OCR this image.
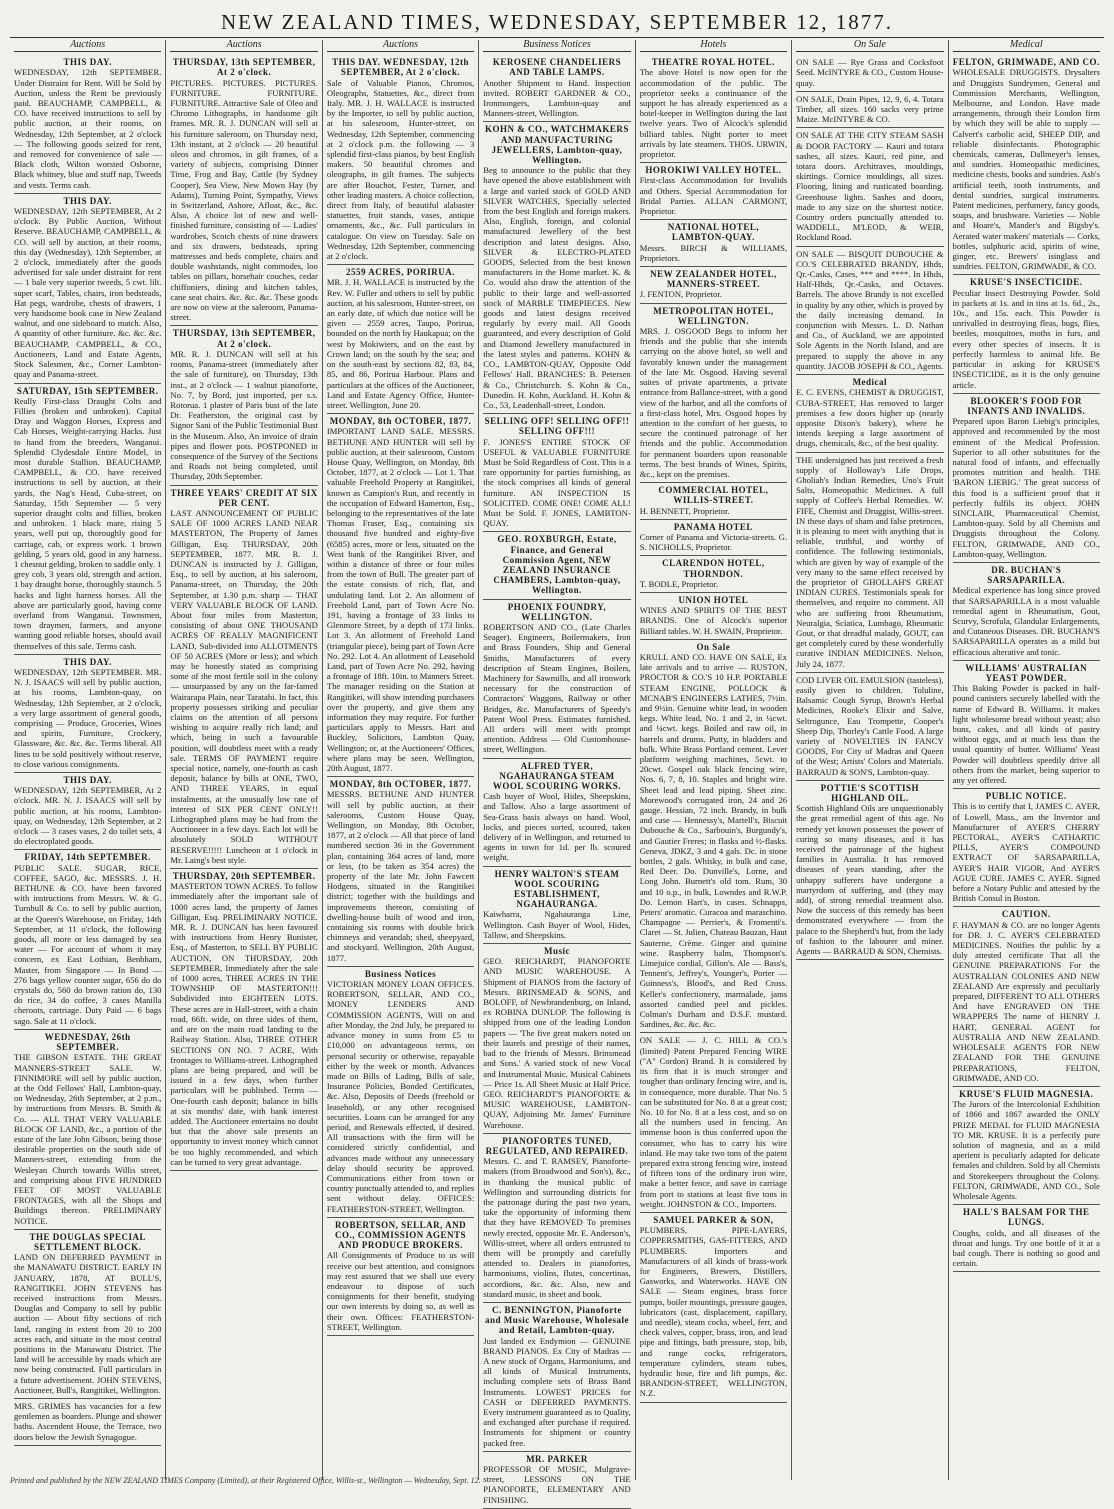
NEW ZEALAND TIMES, WEDNESDAY, SEPTEMBER 12, 1877.
Auctions
THIS DAY.

WEDNESDAY, 12th SEPTEMBER. Under Distraint for Rent. Will be Sold by Auction, unless the Rent be previously paid. BEAUCHAMP, CAMPBELL, & CO. have received instructions to sell by public auction, at their rooms, on Wednesday, 12th September, at 2 o'clock — The following goods seized for rent, and removed for convenience of sale — Black cloth, Wilton worsted Osborne, Black whitney, blue and stuff nap, Tweeds and vests. Terms cash.

THIS DAY.

WEDNESDAY, 12th SEPTEMBER, At 2 o'clock. By Public Auction, Without Reserve. BEAUCHAMP, CAMPBELL, & CO. will sell by auction, at their rooms, this day (Wednesday), 12th September, at 2 o'clock, immediately after the goods advertised for sale under distraint for rent — 1 bale very superior tweeds, 5 cwt. lilt. super scarf, Tables, chairs, iron bedsteads, Hat pegs, wardrobe, chests of drawers, 1 very handsome book case in New Zealand walnut, and one sideboard to match. Also, A quantity of other furniture. &c. &c. &c. BEAUCHAMP, CAMPBELL, & CO., Auctioneers, Land and Estate Agents, Stock Salesmen, &c., Corner Lambton-quay and Panama-street.

SATURDAY, 15th SEPTEMBER.

Really First-class Draught Colts and Fillies (broken and unbroken). Capital Dray and Waggon Horses, Express and Cab Horses, Weight-carrying Hacks. Just to hand from the breeders, Wanganui. Splendid Clydesdale Entire Model, in most durable Stallion. BEAUCHAMP, CAMPBELL, & CO. have received instructions to sell by auction, at their yards, the Nag's Head, Cuba-street, on Saturday, 15th September — 5 very superior draught colts and fillies, broken and unbroken. 1 black mare, rising 5 years, well put up, thoroughly good for carriage, cab, or express work. 1 brown gelding, 5 years old, good in any harness. 1 chesnut gelding, broken to saddle only. 1 grey cob, 3 years old, strength and action. 1 bay draught horse, thoroughly staunch. 5 hacks and light harness horses. All the above are particularly good, having come overland from Wanganui. Townsmen, town draymen, farmers, and anyone wanting good reliable horses, should avail themselves of this sale. Terms cash.

THIS DAY.

WEDNESDAY, 12th SEPTEMBER. MR. N. J. ISAACS will sell by public auction, at his rooms, Lambton-quay, on Wednesday, 12th September, at 2 o'clock, a very large assortment of general goods, comprising — Produce, Groceries, Wines and spirits, Furniture, Crockery, Glassware, &c. &c. &c. Terms liberal. All lines to be sold positively without reserve, to close various consignments.

THIS DAY.

WEDNESDAY, 12th SEPTEMBER, At 2 o'clock. MR. N. J. ISAACS will sell by public auction, at his rooms, Lambton-quay, on Wednesday, 12th September, at 2 o'clock — 3 cases vases, 2 do toilet sets, 4 do electroplated goods.

FRIDAY, 14th SEPTEMBER.

PUBLIC SALE. SUGAR, RICE, COFFEE, SAGO, &c. MESSRS. J. H. BETHUNE & CO. have been favored with instructions from Messrs. W. & G. Turnbull & Co. to sell by public auction, at the Queen's Warehouse, on Friday, 14th September, at 11 o'clock, the following goods, all more or less damaged by sea water — For account of whom it may concern, ex East Lothian, Benbham, Master, from Singapore — In Bond — 276 bags yellow counter sugar, 656 do do crystals do, 560 do brown ration do, 130 do rice, 34 do coffee, 3 cases Manilla cheroots, cartriage. Duty Paid — 6 bags sago. Sale at 11 o'clock.

WEDNESDAY, 26th SEPTEMBER.

THE GIBSON ESTATE. THE GREAT MANNERS-STREET SALE. W. FINNIMORE will sell by public auction, at the Odd Fellows' Hall, Lambton-quay, on Wednesday, 26th September, at 2 p.m., by instructions from Messrs. B. Smith & Co. — ALL THAT VERY VALUABLE BLOCK OF LAND, &c., a portion of the estate of the late John Gibson, being those desirable properties on the south side of Manners-street, extending from the Wesleyan Church towards Willis street, and comprising about FIVE HUNDRED FEET OF MOST VALUABLE FRONTAGES, with all the Shops and Buildings thereon. PRELIMINARY NOTICE.

THE DOUGLAS SPECIAL SETTLEMENT BLOCK.

LAND ON DEFERRED PAYMENT in the MANAWATU DISTRICT. EARLY IN JANUARY, 1878, AT BULL'S, RANGITIKEI. JOHN STEVENS has received instructions from Messrs. Douglas and Company to sell by public auction — About fifty sections of rich land, ranging in extent from 20 to 200 acres each, and situate in the most central positions in the Manawatu District. The land will be accessible by roads which are now being constructed. Full particulars in a future advertisement. JOHN STEVENS, Auctioneer, Bull's, Rangitikei, Wellington.

MRS. GRIMES has vacancies for a few gentlemen as boarders. Plunge and shower baths. Ascendent House, the Terrace, two doors below the Jewish Synagogue.

Auctions
THURSDAY, 13th SEPTEMBER, At 2 o'clock.

PICTURES. PICTURES. PICTURES. FURNITURE. FURNITURE. FURNITURE. Attractive Sale of Oleo and Chromo Lithographs, in handsome gilt frames. MR. R. J. DUNCAN will sell at his furniture saleroom, on Thursday next, 13th instant, at 2 o'clock — 20 beautiful oleos and chromos, in gilt frames, of a variety of subjects, comprising Dinner Time, Frog and Bay, Cattle (by Sydney Cooper), Sea View, New Mown Hay (by Adams), Turning Point, Sympathy, Views in Switzerland, Ashore, Afloat, &c., &c. Also, A choice lot of new and well-finished furniture, consisting of — Ladies' wardrobes, Scotch chests of nine drawers and six drawers, bedsteads, spring mattresses and beds complete, chairs and double washstands, night commodes, loo tables on pillars, horsehair couches, cedar chiffoniers, dining and kitchen tables, cane seat chairs. &c. &c. &c. These goods are now on view at the saleroom, Panama-street.

THURSDAY, 13th SEPTEMBER, At 2 o'clock.

MR. R. J. DUNCAN will sell at his rooms, Panama-street (immediately after the sale of furniture), on Thursday, 13th inst., at 2 o'clock — 1 walnut pianoforte, No. 7, by Bord, just imported, per s.s. Rotorua. 1 plaster of Paris bust of the late Dr. Featherston, the original cast by Signor Sani of the Public Testimonial Bust in the Museum. Also, An invoice of drain pipes and flower pots. POSTPONED in consequence of the Survey of the Sections and Roads not being completed, until Thursday, 20th September.

THREE YEARS' CREDIT AT SIX PER CENT.

LAST ANNOUNCEMENT OF PUBLIC SALE OF 1000 ACRES LAND NEAR MASTERTON, The Property of James Gilligan, Esq. THURSDAY, 20th SEPTEMBER, 1877. MR. R. J. DUNCAN is instructed by J. Gilligan, Esq., to sell by auction, at his saleroom, Panama-street, on Thursday, the 20th September, at 1.30 p.m. sharp — THAT VERY VALUABLE BLOCK OF LAND. About four miles from Masterton, consisting of about ONE THOUSAND ACRES OF REALLY MAGNIFICENT LAND, Sub-divided into ALLOTMENTS OF 50 ACRES (More or less); and which may be honestly stated as comprising some of the most fertile soil in the colony — unsurpassed by any on the far-famed Wairarapa Plain, near Taratahi. In fact, this property possesses striking and peculiar claims on the attention of all persons wishing to acquire really rich land; and which, being in such a favourable position, will doubtless meet with a ready sale. TERMS OF PAYMENT require special notice, namely, one-fourth as cash deposit, balance by bills at ONE, TWO, AND THREE YEARS, in equal instalments, at the unusually low rate of interest of SIX PER CENT ONLY!! Lithographed plans may be had from the Auctioneer in a few days. Each lot will be absolutely SOLD WITHOUT RESERVE!!!!! Luncheon at 1 o'clock in Mr. Laing's best style.

THURSDAY, 20th SEPTEMBER.

MASTERTON TOWN ACRES. To follow immediately after the important sale of 1000 acres land, the property of James Gilligan, Esq. PRELIMINARY NOTICE. MR. R. J. DUNCAN has been favoured with instructions from Henry Bunister, Esq., of Masterton, to SELL BY PUBLIC AUCTION, ON THURSDAY, 20th SEPTEMBER, Immediately after the sale of 1000 acres, THREE ACRES IN THE TOWNSHIP OF MASTERTON!!! Subdivided into EIGHTEEN LOTS. These acres are in Hall-street, with a chain road, 66ft. wide, on three sides of them, and are on the main road landing to the Railway Station. Also, THREE OTHER SECTIONS ON NO. 7 ACRE, With frontages to Williams-street. Lithographed plans are being prepared, and will be issued in a few days, when further particulars will be published. Terms — One-fourth cash deposit; balance in bills at six months' date, with bank interest added. The Auctioneer entertains no doubt but that the above sale presents an opportunity to invest money which cannot be too highly recommended, and which can be turned to very great advantage.

Auctions
THIS DAY. WEDNESDAY, 12th SEPTEMBER, At 2 o'clock.

Sale of Valuable Pianos, Chromos, Oleographs, Statuettes, &c., direct from Italy. MR. J. H. WALLACE is instructed by the Importer, to sell by public auction, at his salesroom, Hunter-street, on Wednesday, 12th September, commencing at 2 o'clock p.m. the following — 3 splendid first-class pianos, by best English makers. 50 beautiful chromes and oleographs, in gilt frames. The subjects are after Bouchot, Fester, Turner, and other leading masters. A choice collection, direct from Italy, of beautiful alabaster statuettes, fruit stands, vases, antique ornaments, &c., &c. Full particulars in catalogue. On view on Tuesday. Sale on Wednesday, 12th September, commencing at 2 o'clock.

2559 ACRES, PORIRUA.

MR. J. H. WALLACE is instructed by the Rev. W. Fuller and others to sell by public auction, at his salesroom, Hunter-street, on an early date, of which due notice will be given — 2559 acres, Taupo, Porirua, bounded on the north by Haukapua; on the west by Mokiwiers, and on the east by Crown land; on the south by the sea; and on the south-east by sections 82, 83, 84, 85, and 86, Porirua Harbour. Plans and particulars at the offices of the Auctioneer, Land and Estate Agency Office, Hunter-street. Wellington, June 20.

MONDAY, 8th OCTOBER, 1877.

IMPORTANT LAND SALE. MESSRS. BETHUNE AND HUNTER will sell by public auction, at their salesroom, Custom House Quay, Wellington, on Monday, 8th October, 1877, at 2 o'clock — Lot 1. That valuable Freehold Property at Rangitikei, known as Campion's Run, and recently in the occupation of Edward Hamerton, Esq., belonging to the representatives of the late Thomas Fraser, Esq., containing six thousand five hundred and eighty-five (6585) acres, more or less, situated on the West bank of the Rangitikei River, and within a distance of three or four miles from the town of Bull. The greater part of the estate consists of rich, flat, and undulating land. Lot 2. An allotment of Freehold Land, part of Town Acre No. 191, having a frontage of 33 links to Glenmore Street, by a depth of 173 links. Lot 3. An allotment of Freehold Land (triangular piece), being part of Town Acre No. 292. Lot 4. An allotment of Leasehold Land, part of Town Acre No. 292, having a frontage of 18ft. 10in. to Manners Street. The manager residing on the Station at Rangitikei, will show intending purchasers over the property, and give them any information they may require. For further particulars apply to Messrs. Hart and Buckley, Solicitors, Lambton Quay, Wellington; or, at the Auctioneers' Offices, where plans may be seen. Wellington, 20th August, 1877.

MONDAY, 8th OCTOBER, 1877.

MESSRS. BETHUNE AND HUNTER will sell by public auction, at their salerooms, Custom House Quay, Wellington, on Monday, 8th October, 1877, at 2 o'clock — All that piece of land numbered section 36 in the Government plan, containing 364 acres of land, more or less, (to be taken as 354 acres) the property of the late Mr. John Fawcett Hodgens, situated in the Rangitikei district; together with the buildings and improvements thereon, consisting of dwelling-house built of wood and iron, containing six rooms with double brick chimneys and verandah; shed, sheepyard, and stockyard. Wellington, 20th August, 1877.

Business Notices

VICTORIAN MONEY LOAN OFFICES. ROBERTSON, SELLAR, AND CO., MONEY LENDERS AND COMMISSION AGENTS, Will on and after Monday, the 2nd July, be prepared to advance money in sums from £5 to £10,000 on advantageous terms, on personal security or otherwise, repayable either by the week or month. Advances made on Bills of Lading, Bills of sale, Insurance Policies, Bonded Certificates, &c. Also, Deposits of Deeds (freehold or leasehold), or any other recognised securities. Loans can be arranged for any period, and Renewals effected, if desired. All transactions with the firm will be considered strictly confidential, and advances made without any unnecessary delay should security be approved. Communications either from town or country punctually attended to, and replies sent without delay. OFFICES: FEATHERSTON-STREET, Wellington.

ROBERTSON, SELLAR, AND CO., COMMISSION AGENTS AND PRODUCE BROKERS.

All Consignments of Produce to us will receive our best attention, and consignors may rest assured that we shall use every endeavour to dispose of such consignments for their benefit, studying our own interests by doing so, as well as their own. Offices: FEATHERSTON-STREET, Wellington.

Business Notices
KEROSENE CHANDELIERS AND TABLE LAMPS.

Another Shipment to Hand. Inspection invited. ROBERT GARDNER & CO., Ironmongers, Lambton-quay and Manners-street, Wellington.

KOHN & CO., WATCHMAKERS AND MANUFACTURING JEWELLERS, Lambton-quay, Wellington.

Beg to announce to the public that they have opened the above establishment with a large and varied stock of GOLD AND SILVER WATCHES, Specially selected from the best English and foreign makers. Also, English, foreign, and colonial manufactured Jewellery of the best description and latest designs. Also, SILVER & ELECTRO-PLATED GOODS, Selected from the best known manufacturers in the Home market. K. & Co. would also draw the attention of the public to their large and well-assorted stock of MARBLE TIMEPIECES. New goods and latest designs received regularly by every mail. All Goods guaranteed, and every description of Gold and Diamond Jewellery manufactured in the latest styles and patterns. KOHN & CO., LAMBTON-QUAY, Opposite Odd Fellows' Hall. BRANCHES: B. Petersen & Co., Christchurch. S. Kohn & Co., Dunedin. H. Kohn, Auckland. H. Kohn & Co., 53, Leadenhall-street, London.

SELLING OFF! SELLING OFF!! SELLING OFF!!!

F. JONES'S ENTIRE STOCK OF USEFUL & VALUABLE FURNITURE Must be Sold Regardless of Cost. This is a rare opportunity for parties furnishing, as the stock comprises all kinds of general furniture. AN INSPECTION IS SOLICITED. COME ONE! COME ALL! Must be Sold. F. JONES, LAMBTON-QUAY.

GEO. ROXBURGH, Estate, Finance, and General Commission Agent, NEW ZEALAND INSURANCE CHAMBERS, Lambton-quay, Wellington.
PHOENIX FOUNDRY, WELLINGTON.

ROBERTSON AND CO., (Late Charles Seager). Engineers, Boilermakers, Iron and Brass Founders, Ship and General Smiths, Manufacturers of every description of Steam Engines, Boilers, Machinery for Sawmills, and all ironwork necessary for the construction of Contractors' Waggons, Railway or other Bridges, &c. Manufacturers of Speedy's Patent Wool Press. Estimates furnished. All orders will meet with prompt attention. Address — Old Customhouse-street, Wellington.

ALFRED TYER, NGAHAURANGA STEAM WOOL SCOURING WORKS.

Cash buyer of Wool, Hides, Sheepskins, and Tallow. Also a large assortment of Sea-Grass basis always on hand. Wool, locks, and pieces sorted, scoured, taken delivery of in Wellington, and returned to agents in town for 1d. per lb. scoured weight.

HENRY WALTON'S STEAM WOOL SCOURING ESTABLISHMENT, NGAHAURANGA.

Kaiwharra, Ngahauranga Line, Wellington. Cash Buyer of Wool, Hides, Tallow, and Sheepskins.

Music

GEO. REICHARDT, PIANOFORTE AND MUSIC WAREHOUSE. A Shipment of PIANOS from the factory of Messrs. BRINSMEAD & SONS, and BOLOFF, of Newbrandenburg, on Inland, ex ROBINA DUNLOP. The following is shipped from one of the leading London papers — 'The five great makers noted on their laurels and prestige of their names, bad to the friends of Messrs. Brinsmead and Sons.' A varied stock of new Vocal and Instrumental Music. Musical Cabinets — Price 1s. All Sheet Music at Half Price. GEO. REICHARDT'S PIANOFORTE & MUSIC WAREHOUSE, LAMBTON-QUAY, Adjoining Mr. James' Furniture Warehouse.

PIANOFORTES TUNED, REGULATED, AND REPAIRED.

Messrs. C. and T. RAMSEY, Pianoforte-makers (from Broadwood and Son's), &c., in thanking the musical public of Wellington and surrounding districts for the patronage during the past two years, take the opportunity of informing them that they have REMOVED To premises newly erected, opposite Mr. E. Anderson's, Willis-street, where all orders entrusted to them will be promptly and carefully attended to. Dealers in pianofortes, harmoniums, violins, flutes, concertinas, accordions, &c. &c. Also, new and standard music, in sheet and book.

C. BENNINGTON, Pianoforte and Music Warehouse, Wholesale and Retail, Lambton-quay.

Just landed ex Endymion — GENUINE BRAND PIANOS. Ex City of Madras — A new stock of Organs, Harmoniums, and all kinds of Musical Instruments, including complete sets of Brass Band Instruments. LOWEST PRICES for CASH or DEFERRED PAYMENTS. Every instrument guaranteed as to Quality, and exchanged after purchase if required. Instruments for shipment or country packed free.

MR. PARKER

PROFESSOR OF MUSIC, Mulgrave-street, LESSONS ON THE PIANOFORTE, ELEMENTARY AND FINISHING.

Hotels
THEATRE ROYAL HOTEL.

The above Hotel is now open for the accommodation of the public. The proprietor seeks a continuance of the support he has already experienced as a hotel-keeper in Wellington during the last twelve years. Two of Alcock's splendid billiard tables. Night porter to meet arrivals by late steamers. THOS. URWIN, proprietor.

HOROKIWI VALLEY HOTEL.

First-class Accommodation for Invalids and Others. Special Accommodation for Bridal Parties. ALLAN CARMONT, Proprietor.

NATIONAL HOTEL, LAMBTON-QUAY.

Messrs. BIRCH & WILLIAMS, Proprietors.

NEW ZEALANDER HOTEL, MANNERS-STREET.

J. FENTON, Proprietor.

METROPOLITAN HOTEL, WELLINGTON.

MRS. J. OSGOOD Begs to inform her friends and the public that she intends carrying on the above hotel, so well and favorably known under the management of the late Mr. Osgood. Having several suites of private apartments, a private entrance from Ballance-street, with a good view of the harbor, and all the comforts of a first-class hotel, Mrs. Osgood hopes by attention to the comfort of her guests, to secure the continued patronage of her friends and the public. Accommodation for permanent boarders upon reasonable terms. The best brands of Wines, Spirits, &c., kept on the premises.

COMMERCIAL HOTEL, WILLIS-STREET.

H. BENNETT, Proprietor.

PANAMA HOTEL

Corner of Panama and Victoria-streets. G. S. NICHOLLS, Proprietor.

CLARENDON HOTEL, THORNDON.

T. BODLE, Proprietor.

UNION HOTEL

WINES AND SPIRITS OF THE BEST BRANDS. One of Alcock's superior Billiard tables. W. H. SWAIN, Proprietor.

On Sale

KRULL AND CO. HAVE ON SALE, Ex late arrivals and to arrive — RUSTON, PROCTOR & CO.'S 10 H.P. PORTABLE STEAM ENGINE, POLLOCK & MCNAB'S ENGINEERS LATHES, 7½in. and 9½in. Genuine white lead, in wooden kegs. White lead, No. 1 and 2, in ¼cwt. and ¼cwt. kegs. Boiled and raw oil, in barrels and drums. Putty, in bladders and bulk. White Brass Portland cement. Lever platform weighing machines, 5cwt. to 20cwt. Gospel oak black fencing wire, Nos. 6, 7, 8, 10. Staples and bright wire. Sheet lead and lead piping. Sheet zinc. Morewood's corrugated iron, 24 and 26 gauge. Hessian, 72 inch. Brandy, in bulk and case — Hennessy's, Martell's, Biscuit Dubouche & Co., Sarbouin's, Burgundy's, and Gautier Freres; in flasks and ½-flasks. Geneva, JDKZ, 3 and 4 gals. Dc. in stone bottles, 2 gals. Whisky, in bulk and case, Red Deer. Do. Dunville's, Lorne, and Long John. Burnett's old tom. Rum, 30 and 10 o.p., in bulk, Lowndes and R.W.P. Do. Lemon Hart's, in cases. Schnapps, Peters' aromatic. Curacoa and maraschino. Champagne — Perrier's, & Fromenti's. Claret — St. Julien, Chateau Bauzan, Haut Sauterne, Crème. Ginger and quinine wine. Raspberry balm, Thompson's. Limejuice cordial, Gillon's. Ale — Bass's, Tennent's, Jeffrey's, Younger's, Porter — Guinness's, Blood's, and Red Cross. Keller's confectionery, marmalade, jams assorted candied peel and pickles. Colman's Durham and D.S.F. mustard. Sardines, &c. &c. &c.

ON SALE — J. C. HILL & CO.'s (limited) Patent Prepared Fencing WIRE ("A" Cordon) Brand. It is considered by its firm that it is much stronger and tougher than ordinary fencing wire, and is, in consequence, more durable. That No. 5 can be substituted for No. 8 at a great cost; No. 10 for No. 8 at a less cost, and so on all the numbers used in fencing. An immense boon is thus conferred upon the consumer, who has to carry his wire inland. He may take two tons of the patent prepared extra strong fencing wire, instead of fifteen tons of the ordinary iron wire, make a better fence, and save in carriage from port to stations at least five tons in weight. JOHNSTON & CO., Importers.

SAMUEL PARKER & SON,

PLUMBERS, PIPE-LAYERS, COPPERSMITHS, GAS-FITTERS, AND PLUMBERS. Importers and Manufacturers of all kinds of brass-work for Engineers, Brewers, Distillers, Gasworks, and Waterworks. HAVE ON SALE — Steam engines, brass force pumps, boiler mountings, pressure gauges, lubricators (cast, displacement, capillary, and needle), steam cocks, wheel, ferr, and check valves, copper, brass, iron, and lead pipe and fittings, bath pressure, stop, bib, and range cocks, refrigerators, temperature cylinders, steam tubes, hydraulic hose, fire and lift pumps, &c. BRANDON-STREET, WELLINGTON, N.Z.

On Sale

ON SALE — Rye Grass and Cocksfoot Seed. McINTYRE & CO., Custom House-quay.

ON SALE, Drain Pipes, 12, 9, 6, 4. Totara Timber, all sizes. 160 sacks very prime Maize. McINTYRE & CO.

ON SALE AT THE CITY STEAM SASH & DOOR FACTORY — Kauri and totara sashes, all sizes. Kauri, red pine, and totara doors. Architraves, mouldings, skirtings. Cornice mouldings, all sizes. Flooring, lining and rusticated boarding. Greenhouse lights. Sashes and doors, made to any size on the shortest notice. Country orders punctually attended to. WADDELL, M'LEOD, & WEIR, Rockland Road.

ON SALE — BISQUIT DUBOUCHE & CO.'S CELEBRATED BRANDY, Hhds, Qr.-Casks, Cases, *** and ****. In Hhds, Half-Hhds, Qr.-Casks, and Octaves. Barrels. The above Brandy is not excelled in quality by any other, which is proved by the daily increasing demand. In conjunction with Messrs. L. D. Nathan and Co., of Auckland, we are appointed Sole Agents in the North Island, and are prepared to supply the above in any quantity. JACOB JOSEPH & CO., Agents.

Medical

E. C. EVENS, CHEMIST & DRUGGIST, CUBA-STREET, Has removed to larger premises a few doors higher up (nearly opposite Dixon's bakery), where he intends keeping a large assortment of drugs, chemicals, &c., of the best quality.

THE undersigned has just received a fresh supply of Holloway's Life Drops, Gholiah's Indian Remedies, Uno's Fruit Salts, Homeopathic Medicines. A full supply of Coffee's Herbal Remedies. W. FIFE, Chemist and Druggist, Willis-street. IN these days of sham and false pretences, it is pleasing to meet with anything that is reliable, truthful, and worthy of confidence. The following testimonials, which are given by way of example of the very many to the same effect received by the proprietor of GHOLLAH'S GREAT INDIAN CURES. Testimonials speak for themselves, and require no comment. All who are suffering from Rheumatism, Neuralgia, Sciatica, Lumbago, Rheumatic Gout, or that dreadful malady, GOUT, can get completely cured by these wonderfully curative INDIAN MEDICINES. Nelson, July 24, 1877.

COD LIVER OIL EMULSION (tasteless), easily given to children. Toluline, Balsamic Cough Syrup, Brown's Herbal Medicines, Rooke's Elixir and Salve, Seltrogunce, Eau Trompette, Cooper's Sheep Dip, Thorley's Cattle Food. A large variety of NOVELTIES IN FANCY GOODS, For City of Madras and Queen of the West; Artists' Colors and Materials. BARRAUD & SON'S, Lambton-quay.

POTTIE'S SCOTTISH HIGHLAND OIL.

Scottish Highland Oils are unquestionably the great remedial agent of this age. No remedy yet known possesses the power of curing so many diseases, and it has received the patronage of the highest families in Australia. It has removed diseases of years standing, after the unhappy sufferers have undergone a martyrdom of suffering, and (they may add), of strong remedial treatment also. Now the success of this remedy has been demonstrated everywhere — from the palace to the Shepherd's hut, from the lady of fashion to the labourer and miner. Agents — BARRAUD & SON, Chemists.

Medical
FELTON, GRIMWADE, AND CO.

WHOLESALE DRUGGISTS. Drysalters and Druggists Sundrymen, General and Commission Merchants, Wellington, Melbourne, and London. Have made arrangements, through their London firm by which they will be able to supply — Calvert's carbolic acid, SHEEP DIP, and reliable disinfectants. Photographic chemicals, cameras, Dallmeyer's lenses, and sundries. Homeopathic medicines, medicine chests, books and sundries. Ash's artificial teeth, tooth instruments, and dental sundries, surgical instruments. Patent medicines, perfumery, fancy goods, soaps, and brushware. Varieties — Noble and Hoare's, Mander's and Bigsby's. Aerated water makers' materials — Corks, bottles, sulphuric acid, spirits of wine, ginger, etc. Brewers' isinglass and sundries. FELTON, GRIMWADE, & CO.

KRUSE'S INSECTICIDE.

Peculiar Insect Destroying Powder. Sold in packets at 1s. and in tins at 1s. 6d., 2s., 10s., and 15s. each. This Powder is unrivalled in destroying fleas, bugs, flies, beetles, mosquitoes, moths in furs, and every other species of insects. It is perfectly harmless to animal life. Be particular in asking for KRUSE'S INSECTICIDE, as it is the only genuine article.

BLOOKER'S FOOD FOR INFANTS AND INVALIDS.

Prepared upon Baron Liebig's principles, approved and recommended by the most eminent of the Medical Profession. Superior to all other substitutes for the natural food of infants, and effectually promotes nutrition and health. THE 'BARON LIEBIG.' The great success of this food is a sufficient proof that it perfectly fulfils its object. JOHN SINCLAIR, Pharmaceutical Chemist, Lambton-quay. Sold by all Chemists and Druggists throughout the Colony. FELTON, GRIMWADE, AND CO., Lambton-quay, Wellington.

DR. BUCHAN'S SARSAPARILLA.

Medical experience has long since proved that SARSAPARILLA is a most valuable remedial agent in Rheumatism, Gout, Scurvy, Scrofula, Glandular Enlargements, and Cutaneous Diseases. DR. BUCHAN'S SARSAPARILLA operates as a mild but efficacious alterative and tonic.

WILLIAMS' AUSTRALIAN YEAST POWDER.

This Baking Powder is packed in half-pound canisters securely labelled with the name of Edward B. Williams. It makes light wholesome bread without yeast; also buns, cakes, and all kinds of pastry without eggs, and at much less than the usual quantity of butter. Williams' Yeast Powder will doubtless speedily drive all others from the market, being superior to any yet offered.

PUBLIC NOTICE.

This is to certify that I, JAMES C. AYER, of Lowell, Mass., am the Inventor and Manufacturer of AYER'S CHERRY PECTORAL, AYER'S CATHARTIC PILLS, AYER'S COMPOUND EXTRACT OF SARSAPARILLA, AYER'S HAIR VIGOR, And AYER'S AGUE CURE. JAMES C. AYER. Signed before a Notary Public and attested by the British Consul in Boston.

CAUTION.

F. HAYMAN & CO. are no longer Agents for DR. J. C. AYER'S CELEBRATED MEDICINES. Notifies the public by a duly attested certificate That all the GENUINE PREPARATIONS For the AUSTRALIAN COLONIES AND NEW ZEALAND Are expressly and peculiarly prepared, DIFFERENT TO ALL OTHERS And have ENGRAVED ON THE WRAPPERS The name of HENRY J. HART, GENERAL AGENT for AUSTRALIA AND NEW ZEALAND. WHOLESALE AGENTS FOR NEW ZEALAND FOR THE GENUINE PREPARATIONS, FELTON, GRIMWADE, AND CO.

KRUSE'S FLUID MAGNESIA.

The Jurors of the Intercolonial Exhibition of 1866 and 1867 awarded the ONLY PRIZE MEDAL for FLUID MAGNESIA TO MR. KRUSE. It is a perfectly pure solution of magnesia, and as a mild aperient is peculiarly adapted for delicate females and children. Sold by all Chemists and Storekeepers throughout the Colony. FELTON, GRIMWADE, AND CO., Sole Wholesale Agents.

HALL'S BALSAM FOR THE LUNGS.

Coughs, colds, and all diseases of the throat and lungs. Try one bottle of it at a bad cough. There is nothing so good and certain.

Printed and published by the NEW ZEALAND TIMES Company (Limited), at their Registered Office, Willis-st., Wellington — Wednesday, Sept. 12.
